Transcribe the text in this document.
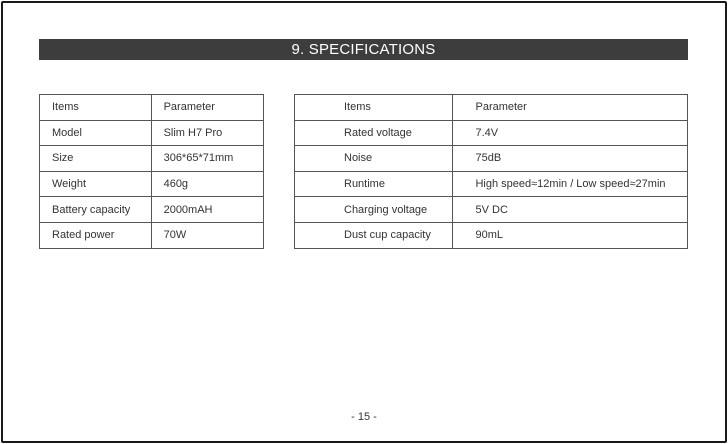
9. SPECIFICATIONS
Items	Parameter
Model	Slim H7 Pro
Size	306*65*71mm
Weight	460g
Battery capacity	2000mAH
Rated power	70W
Items	Parameter
Rated voltage	7.4V
Noise	75dB
Runtime	High speed≈12min / Low speed≈27min
Charging voltage	5V DC
Dust cup capacity	90mL
- 15 -
